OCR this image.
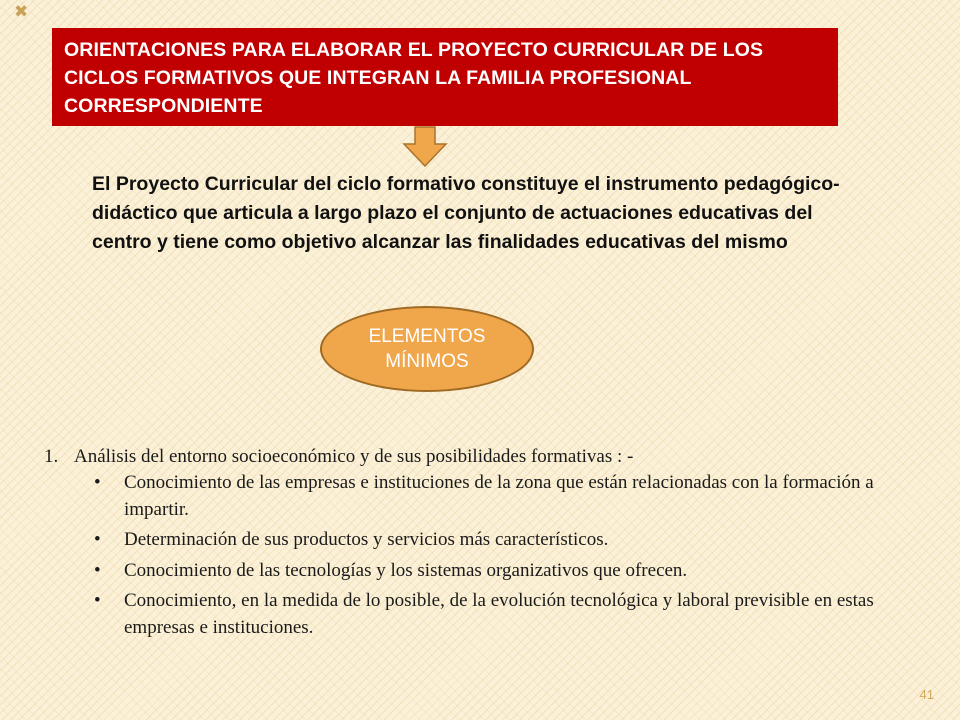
✖
ORIENTACIONES PARA ELABORAR EL PROYECTO CURRICULAR DE LOS CICLOS FORMATIVOS QUE INTEGRAN LA FAMILIA PROFESIONAL CORRESPONDIENTE
El Proyecto Curricular del ciclo formativo constituye el instrumento pedagógico-didáctico que articula a largo plazo el conjunto de actuaciones educativas del centro y tiene como objetivo alcanzar las finalidades educativas del mismo
ELEMENTOS
MÍNIMOS
1. Análisis del entorno socioeconómico y de sus posibilidades formativas : -
• Conocimiento de las empresas e instituciones de la zona que están relacionadas con la formación a impartir.
• Determinación de sus productos y servicios más característicos.
• Conocimiento de las tecnologías y los sistemas organizativos que ofrecen.
• Conocimiento, en la medida de lo posible, de la evolución tecnológica y laboral previsible en estas empresas e instituciones.
41
